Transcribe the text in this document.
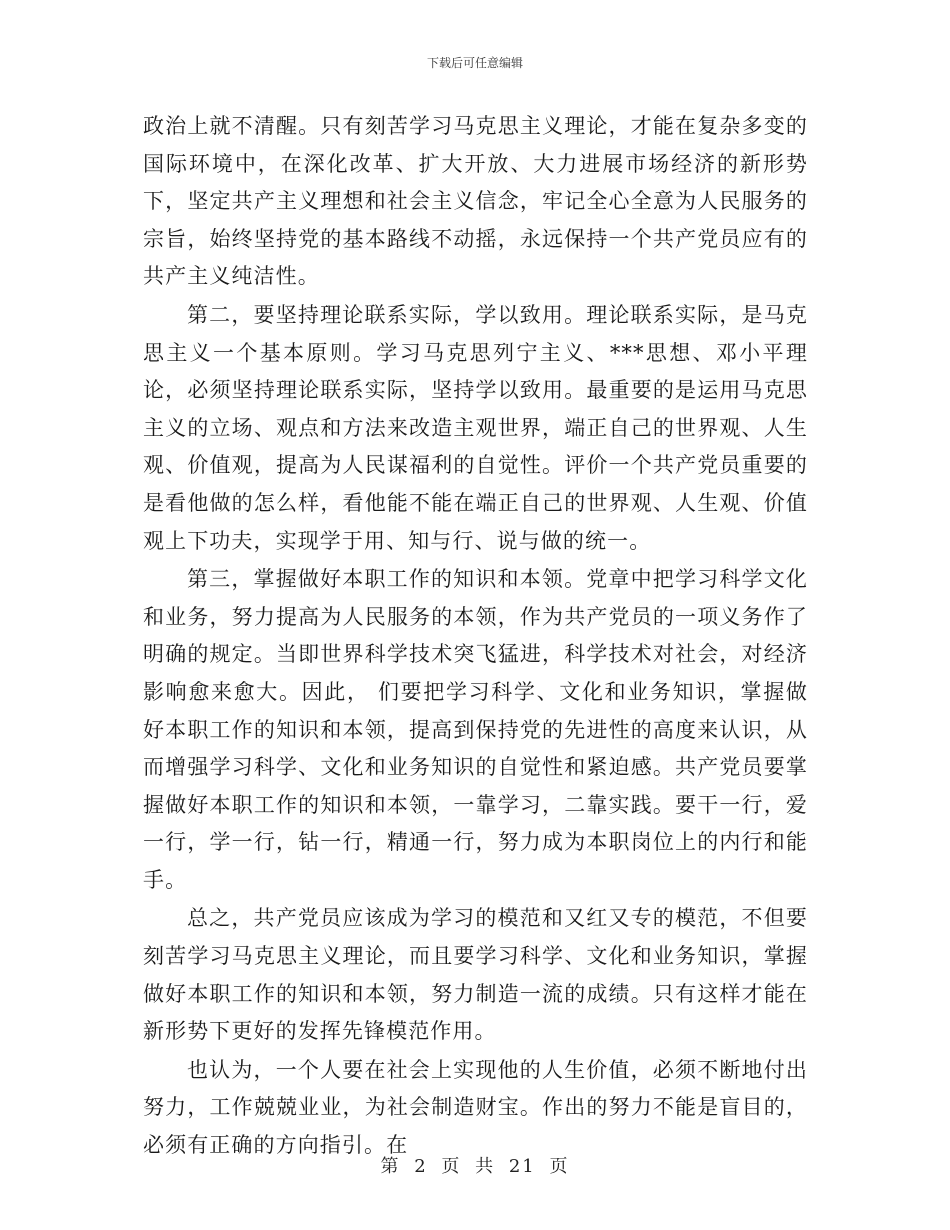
下载后可任意编辑

政治上就不清醒。只有刻苦学习马克思主义理论，才能在复杂多变的国际环境中，在深化改革、扩大开放、大力进展市场经济的新形势下，坚定共产主义理想和社会主义信念，牢记全心全意为人民服务的宗旨，始终坚持党的基本路线不动摇，永远保持一个共产党员应有的共产主义纯洁性。

第二，要坚持理论联系实际，学以致用。理论联系实际，是马克思主义一个基本原则。学习马克思列宁主义、***思想、邓小平理论，必须坚持理论联系实际，坚持学以致用。最重要的是运用马克思主义的立场、观点和方法来改造主观世界，端正自己的世界观、人生观、价值观，提高为人民谋福利的自觉性。评价一个共产党员重要的是看他做的怎么样，看他能不能在端正自己的世界观、人生观、价值观上下功夫，实现学于用、知与行、说与做的统一。

第三，掌握做好本职工作的知识和本领。党章中把学习科学文化和业务，努力提高为人民服务的本领，作为共产党员的一项义务作了明确的规定。当即世界科学技术突飞猛进，科学技术对社会，对经济影响愈来愈大。因此， 们要把学习科学、文化和业务知识，掌握做好本职工作的知识和本领，提高到保持党的先进性的高度来认识，从而增强学习科学、文化和业务知识的自觉性和紧迫感。共产党员要掌握做好本职工作的知识和本领，一靠学习，二靠实践。要干一行，爱一行，学一行，钻一行，精通一行，努力成为本职岗位上的内行和能手。

总之，共产党员应该成为学习的模范和又红又专的模范，不但要刻苦学习马克思主义理论，而且要学习科学、文化和业务知识，掌握做好本职工作的知识和本领，努力制造一流的成绩。只有这样才能在新形势下更好的发挥先锋模范作用。

也认为，一个人要在社会上实现他的人生价值，必须不断地付出努力，工作兢兢业业，为社会制造财宝。作出的努力不能是盲目的，必须有正确的方向指引。在

第 2 页 共 21 页
